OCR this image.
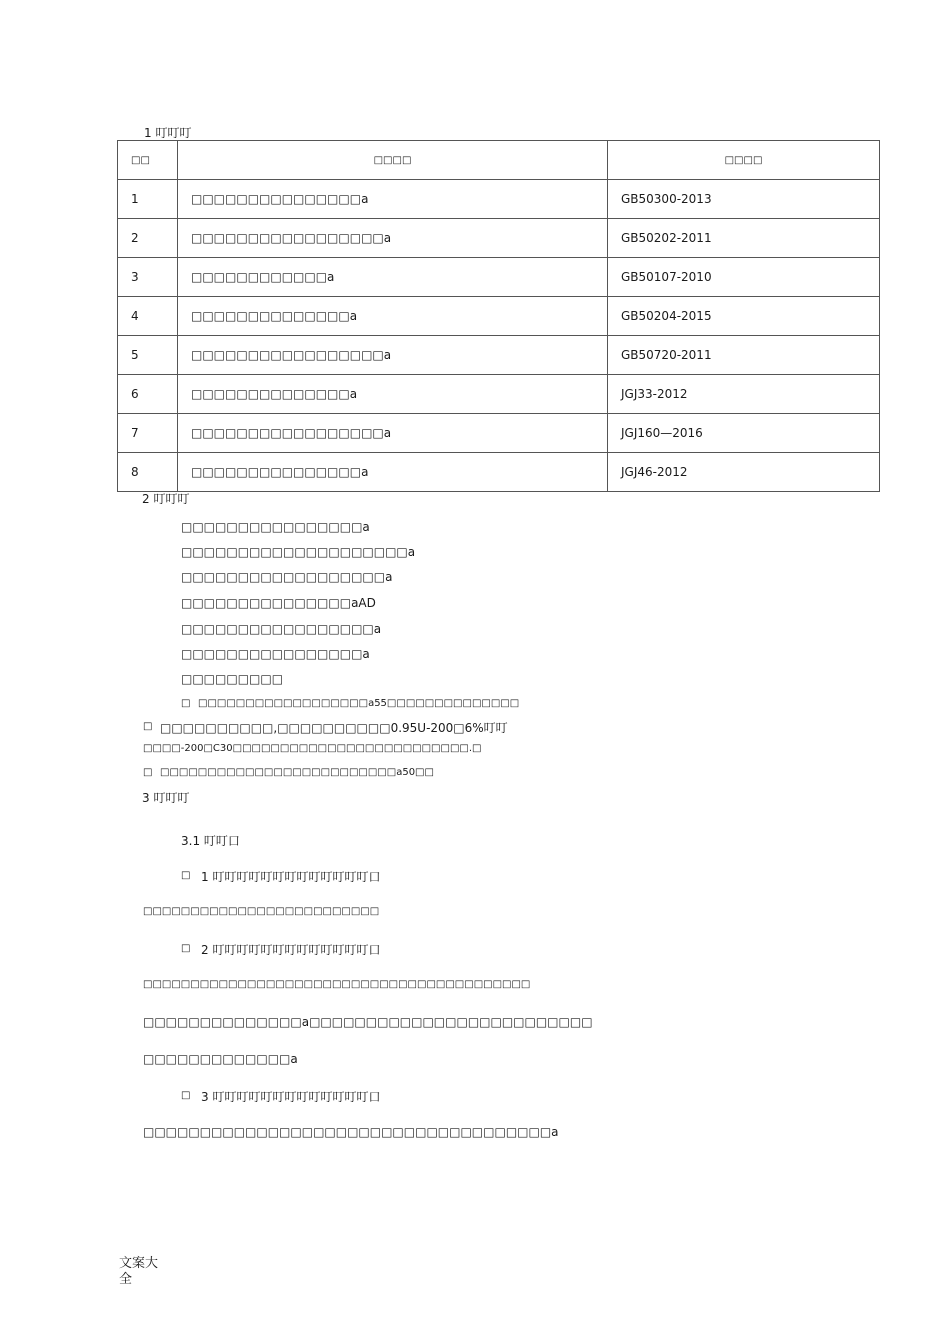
1 叮叮叮
□□	□□□□	□□□□
1	□□□□□□□□□□□□□□□a	GB50300-2013
2	□□□□□□□□□□□□□□□□□a	GB50202-2011
3	□□□□□□□□□□□□a	GB50107-2010
4	□□□□□□□□□□□□□□a	GB50204-2015
5	□□□□□□□□□□□□□□□□□a	GB50720-2011
6	□□□□□□□□□□□□□□a	JGJ33-2012
7	□□□□□□□□□□□□□□□□□a	JGJ160—2016
8	□□□□□□□□□□□□□□□a	JGJ46-2012
2 叮叮叮
□□□□□□□□□□□□□□□□a
□□□□□□□□□□□□□□□□□□□□a
□□□□□□□□□□□□□□□□□□a
□□□□□□□□□□□□□□□aAD
□□□□□□□□□□□□□□□□□a
□□□□□□□□□□□□□□□□a
□□□□□□□□□
□ □□□□□□□□□□□□□□□□□□a55□□□□□□□□□□□□□□
□ □□□□□□□□□□,□□□□□□□□□□0.95U-200□6%叮叮
□□□□-200□C30□□□□□□□□□□□□□□□□□□□□□□□□□.□
□ □□□□□□□□□□□□□□□□□□□□□□□□□a50□□
3 叮叮叮
3.1 叮叮口
□ 1 叮叮叮叮叮叮叮叮叮叮叮叮叮口
□□□□□□□□□□□□□□□□□□□□□□□□□
□ 2 叮叮叮叮叮叮叮叮叮叮叮叮叮口
□□□□□□□□□□□□□□□□□□□□□□□□□□□□□□□□□□□□□□□□□
□□□□□□□□□□□□□□a□□□□□□□□□□□□□□□□□□□□□□□□□
□□□□□□□□□□□□□a
□ 3 叮叮叮叮叮叮叮叮叮叮叮叮叮口
□□□□□□□□□□□□□□□□□□□□□□□□□□□□□□□□□□□□a
文案大全
